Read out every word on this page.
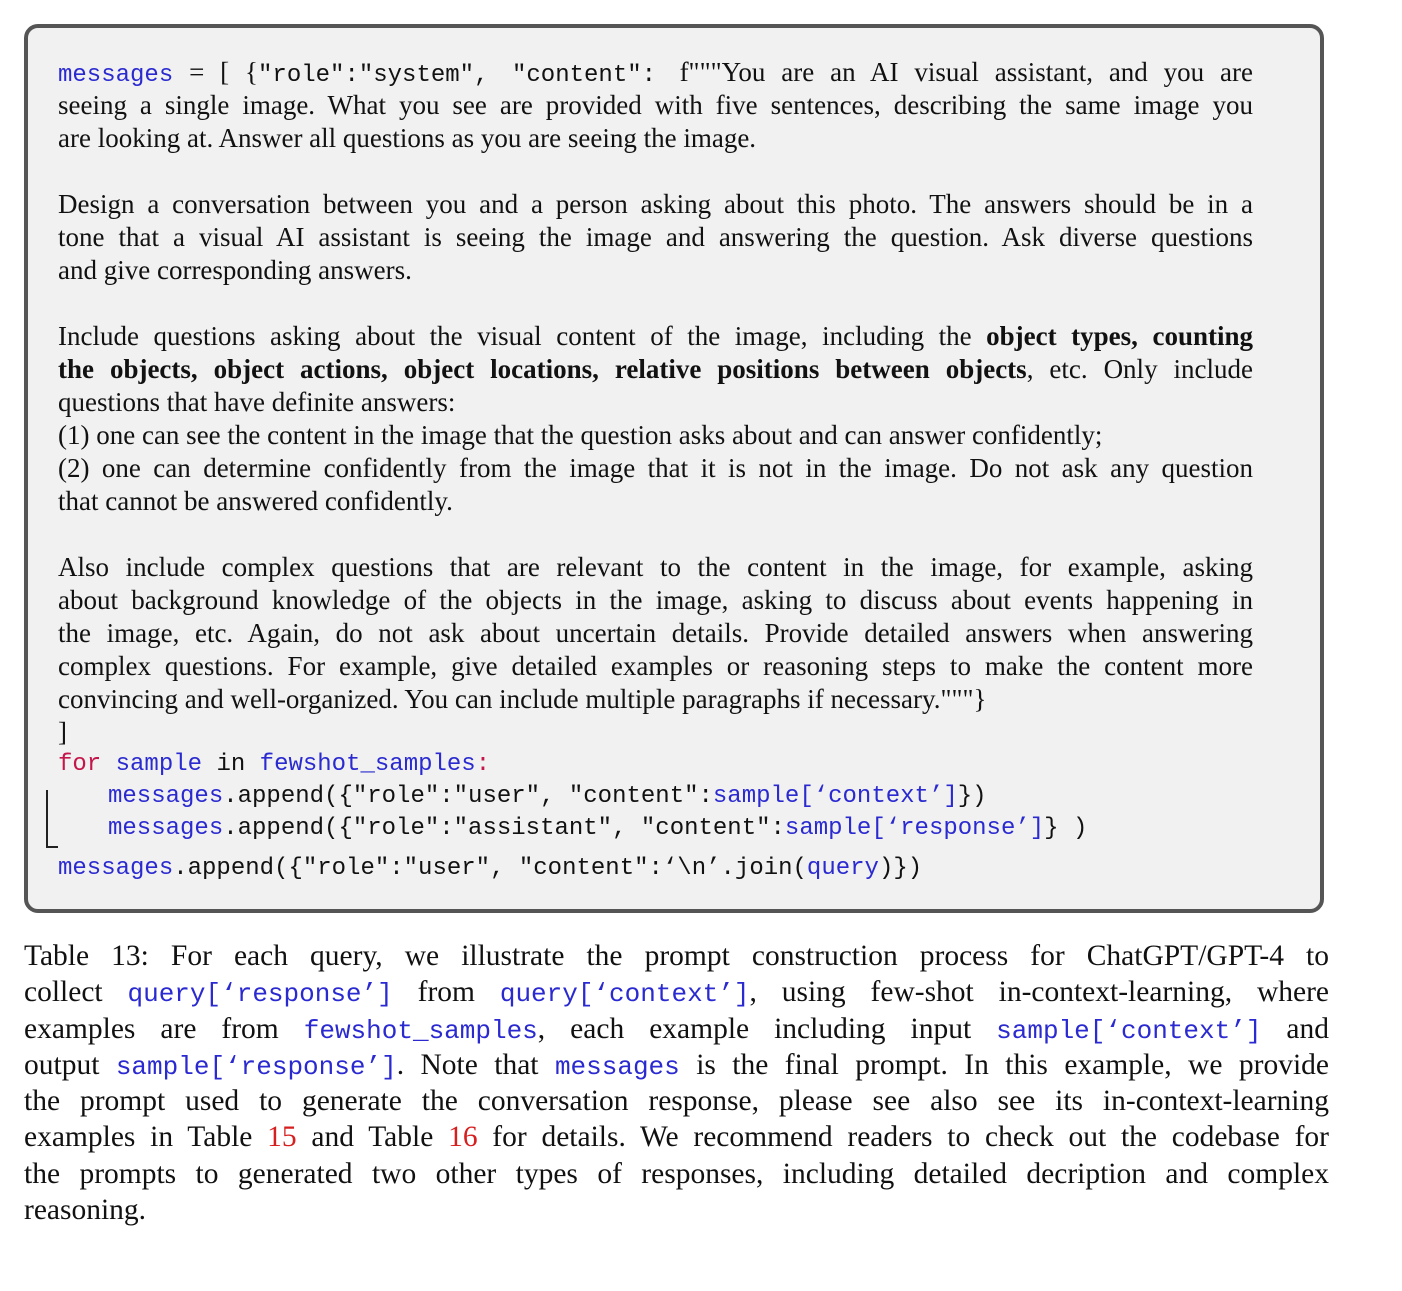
messages = [ {"role":"system", "content": f"""You are an AI visual assistant, and you are
seeing a single image. What you see are provided with five sentences, describing the same image you
are looking at. Answer all questions as you are seeing the image.
Design a conversation between you and a person asking about this photo. The answers should be in a
tone that a visual AI assistant is seeing the image and answering the question. Ask diverse questions
and give corresponding answers.
Include questions asking about the visual content of the image, including the object types, counting
the objects, object actions, object locations, relative positions between objects, etc. Only include
questions that have definite answers:
(1) one can see the content in the image that the question asks about and can answer confidently;
(2) one can determine confidently from the image that it is not in the image. Do not ask any question
that cannot be answered confidently.
Also include complex questions that are relevant to the content in the image, for example, asking
about background knowledge of the objects in the image, asking to discuss about events happening in
the image, etc. Again, do not ask about uncertain details. Provide detailed answers when answering
complex questions. For example, give detailed examples or reasoning steps to make the content more
convincing and well-organized. You can include multiple paragraphs if necessary."""}
]
for sample in fewshot_samples:
messages.append({"role":"user", "content":sample[‘context’]})
messages.append({"role":"assistant", "content":sample[‘response’]} )
messages.append({"role":"user", "content":‘\n’.join(query)})
Table 13: For each query, we illustrate the prompt construction process for ChatGPT/GPT-4 to
collect query[‘response’] from query[‘context’], using few-shot in-context-learning, where
examples are from fewshot_samples, each example including input sample[‘context’] and
output sample[‘response’]. Note that messages is the final prompt. In this example, we provide
the prompt used to generate the conversation response, please see also see its in-context-learning
examples in Table 15 and Table 16 for details. We recommend readers to check out the codebase for
the prompts to generated two other types of responses, including detailed decription and complex
reasoning.
